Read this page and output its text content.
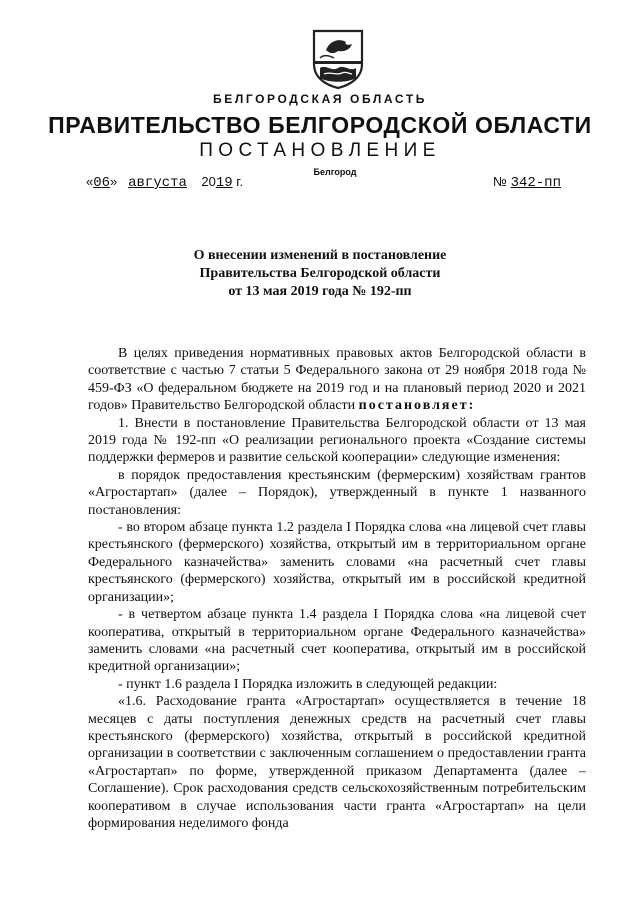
БЕЛГОРОДСКАЯ ОБЛАСТЬ
ПРАВИТЕЛЬСТВО БЕЛГОРОДСКОЙ ОБЛАСТИ
ПОСТАНОВЛЕНИЕ
Белгород
«06» августа 2019 г.	№ 342-пп
О внесении изменений в постановление
Правительства Белгородской области
от 13 мая 2019 года № 192-пп

В целях приведения нормативных правовых актов Белгородской области в соответствие с частью 7 статьи 5 Федерального закона от 29 ноября 2018 года № 459-ФЗ «О федеральном бюджете на 2019 год и на плановый период 2020 и 2021 годов» Правительство Белгородской области постановляет:

1. Внести в постановление Правительства Белгородской области от 13 мая 2019 года № 192-пп «О реализации регионального проекта «Создание системы поддержки фермеров и развитие сельской кооперации» следующие изменения:

в порядок предоставления крестьянским (фермерским) хозяйствам грантов «Агростартап» (далее – Порядок), утвержденный в пункте 1 названного постановления:

- во втором абзаце пункта 1.2 раздела I Порядка слова «на лицевой счет главы крестьянского (фермерского) хозяйства, открытый им в территориальном органе Федерального казначейства» заменить словами «на расчетный счет главы крестьянского (фермерского) хозяйства, открытый им в российской кредитной организации»;

- в четвертом абзаце пункта 1.4 раздела I Порядка слова «на лицевой счет кооператива, открытый в территориальном органе Федерального казначейства» заменить словами «на расчетный счет кооператива, открытый им в российской кредитной организации»;

- пункт 1.6 раздела I Порядка изложить в следующей редакции:

«1.6. Расходование гранта «Агростартап» осуществляется в течение 18 месяцев с даты поступления денежных средств на расчетный счет главы крестьянского (фермерского) хозяйства, открытый в российской кредитной организации в соответствии с заключенным соглашением о предоставлении гранта «Агростартап» по форме, утвержденной приказом Департамента (далее – Соглашение). Срок расходования средств сельскохозяйственным потребительским кооперативом в случае использования части гранта «Агростартап» на цели формирования неделимого фонда
